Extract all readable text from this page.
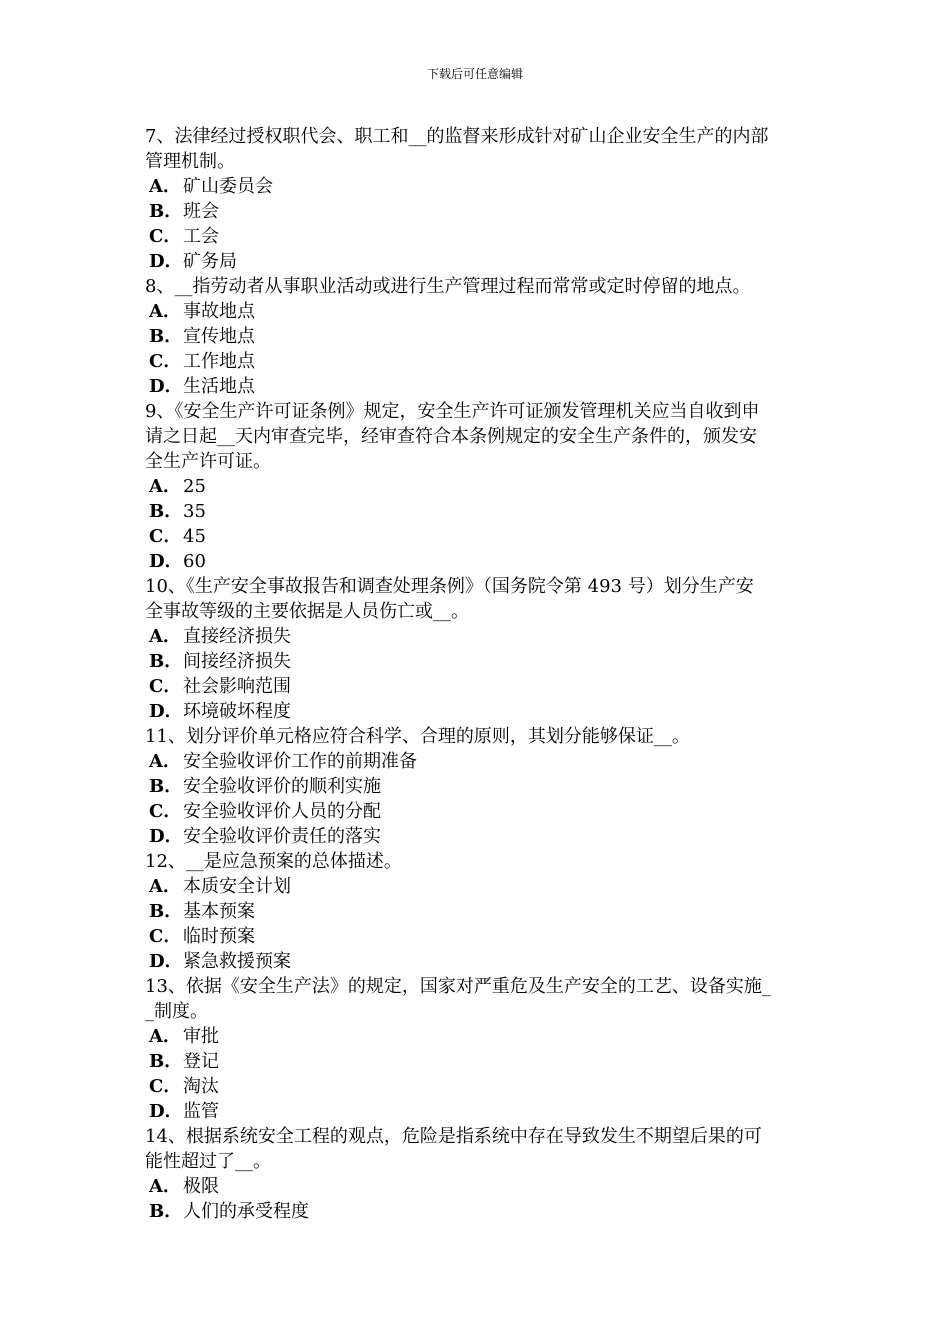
下载后可任意编辑
7、法律经过授权职代会、职工和__的监督来形成针对矿山企业安全生产的内部
管理机制。
A． 矿山委员会
B．班会
C．工会
D．矿务局
8、__指劳动者从事职业活动或进行生产管理过程而常常或定时停留的地点。
A． 事故地点
B．宣传地点
C．工作地点
D．生活地点
9、《安全生产许可证条例》规定，安全生产许可证颁发管理机关应当自收到申
请之日起__天内审查完毕，经审查符合本条例规定的安全生产条件的，颁发安
全生产许可证。
A． 25
B．35
C．45
D．60
10、《生产安全事故报告和调查处理条例》（国务院令第 493 号）划分生产安
全事故等级的主要依据是人员伤亡或__。
A． 直接经济损失
B．间接经济损失
C．社会影响范围
D．环境破坏程度
11、划分评价单元格应符合科学、合理的原则，其划分能够保证__。
A． 安全验收评价工作的前期准备
B．安全验收评价的顺利实施
C．安全验收评价人员的分配
D．安全验收评价责任的落实
12、__是应急预案的总体描述。
A． 本质安全计划
B．基本预案
C．临时预案
D．紧急救援预案
13、依据《安全生产法》的规定，国家对严重危及生产安全的工艺、设备实施_
_制度。
A． 审批
B．登记
C．淘汰
D．监管
14、根据系统安全工程的观点，危险是指系统中存在导致发生不期望后果的可
能性超过了__。
A． 极限
B．人们的承受程度
